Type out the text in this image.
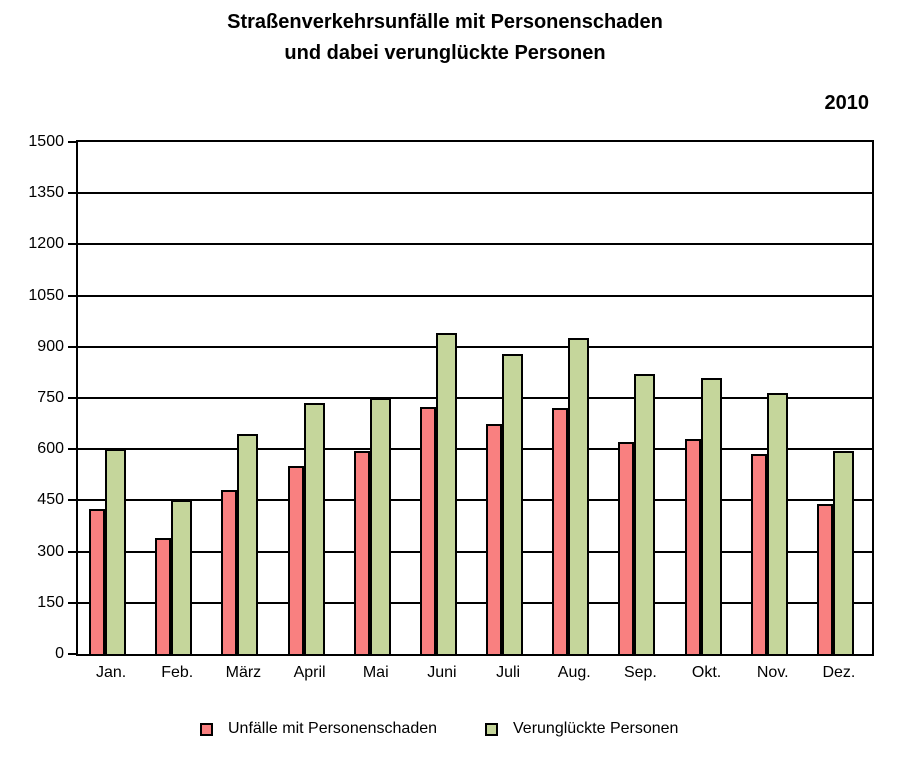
Straßenverkehrsunfälle mit Personenschaden
und dabei verunglückte Personen
2010
Unfälle mit Personenschaden	Verunglückte Personen
0
150
300
450
600
750
900
1050
1200
1350
1500
Jan.	Feb.	März	April	Mai	Juni	Juli	Aug.	Sep.	Okt.	Nov.	Dez.
